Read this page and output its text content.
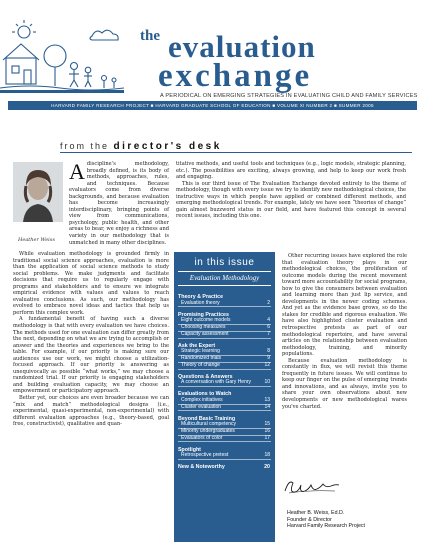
the evaluation
exchange
A PERIODICAL ON EMERGING STRATEGIES IN EVALUATING CHILD AND FAMILY SERVICES
HARVARD FAMILY RESEARCH PROJECT ■ HARVARD GRADUATE SCHOOL OF EDUCATION ■ VOLUME XI NUMBER 2 ■ SUMMER 2005
from the director's desk
Heather Weiss
Adisciplineʼs methodology, broadly defined, is its body of methods, approaches, rules, and techniques. Because evaluators come from diverse backgrounds, and because evaluation has become increasingly interdisciplinary, bringing points of view from communications, psychology, public health, and other areas to bear, we enjoy a richness and variety in our methodology that is unmatched in many other disciplines.

While evaluation methodology is grounded firmly in traditional social science approaches, evaluation is more than the application of social science methods to study social problems. We make judgments and facilitate decisions that require us to regularly engage with programs and stakeholders and to ensure we integrate empirical evidence with values and values to reach evaluative conclusions. As such, our methodology has evolved to embrace novel ideas and tactics that help us perform this complex work.

A fundamental benefit of having such a diverse methodology is that with every evaluation we have choices. The methods used for one evaluation can differ greatly from the next, depending on what we are trying to accomplish or answer and the theories and experiences we bring to the table. For example, if our priority is making sure our audiences use our work, we might choose a utilization-focused approach. If our priority is answering as unequivocally as possible “what works,” we may choose a randomized trial. If our priority is engaging stakeholders and building evaluation capacity, we may choose an empowerment or participatory approach.

Better yet, our choices are even broader because we can “mix and match” methodological designs (i.e., experimental, quasi-experimental, non-experimental) with different evaluation approaches (e.g., theory-based, goal free, constructivist), qualitative and quan-

titative methods, and useful tools and techniques (e.g., logic models, strategic planning, etc.). The possibilities are exciting, always growing, and help to keep our work fresh and engaging.

This is our third issue of The Evaluation Exchange devoted entirely to the theme of methodology, though with every issue we try to identify new methodological choices, the instructive ways in which people have applied or combined different methods, and emerging methodological trends. For example, lately we have seen “theories of change” gain almost buzzword status in our field, and have featured this concept in several recent issues, including this one.

Other recurring issues have explored the role that evaluation theory plays in our methodological choices, the proliferation of outcome models during the recent movement toward more accountability for social programs, how to give the consumers between evaluation and learning more than just lip service, and developments in the newer coding schemes. And yet as the evidence base grows, so do the stakes for credible and rigorous evaluation. We have also highlighted cluster evaluation and retrospective pretests as part of our methodological repertoire, and have several articles on the relationship between evaluation methodology, training, and minority populations.

Because evaluation methodology is constantly in flux, we will revisit this theme frequently in future issues. We will continue to keep our finger on the pulse of emerging trends and innovations, and as always, invite you to share your own observations about new developments or new methodological wares you've charted.

in this issue
Evaluation Methodology
Theory & Practice
Evaluation theory	2
Promising Practices
Eight outcome models	4
Choosing measures	6
Capacity assessment	7
Ask the Expert
Strategic learning	8
Randomized trials	9
Theory of change	12
Questions & Answers
A conversation with Gary Henry	10
Evaluations to Watch
Complex initiatives	13
Cluster evaluation	14
Beyond Basic Training
Multicultural competency	15
Minority undergraduates	16
Evaluators of color	17
Spotlight
Retrospective pretest	18
New & Noteworthy	20
Heather B. Weiss, Ed.D.
Founder & Director
Harvard Family Research Project
